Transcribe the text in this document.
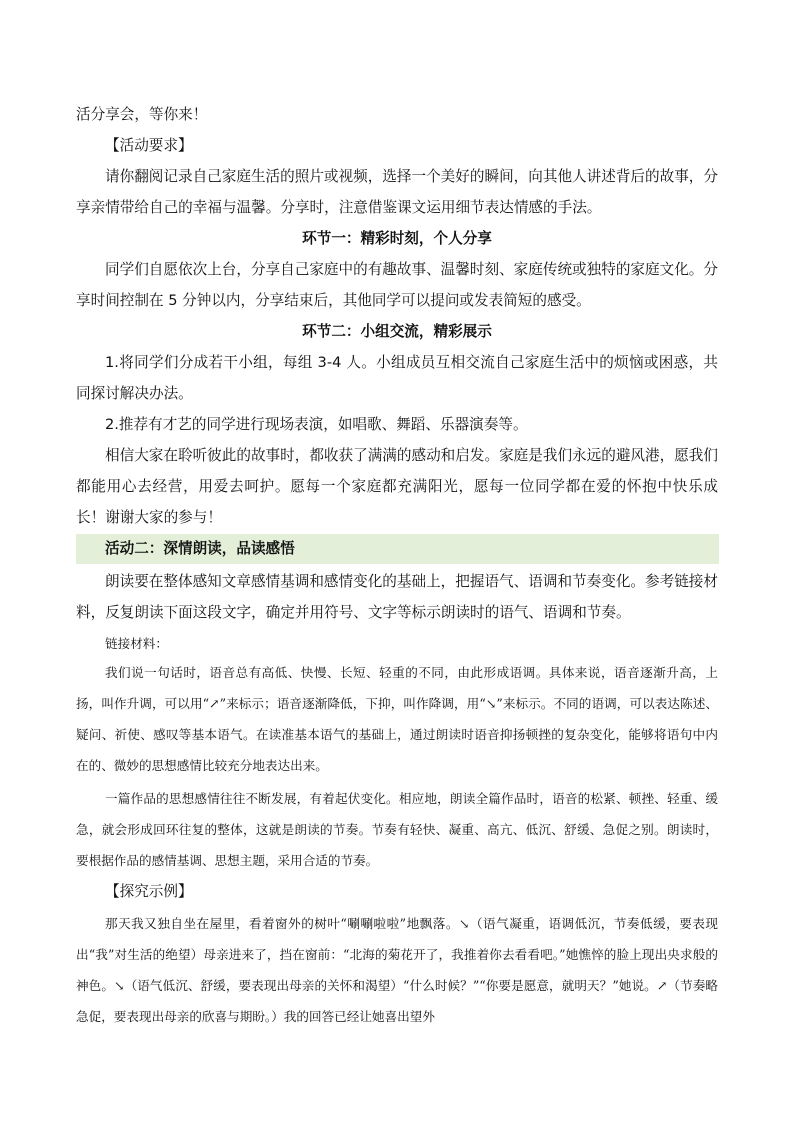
活分享会，等你来！

【活动要求】

请你翻阅记录自己家庭生活的照片或视频，选择一个美好的瞬间，向其他人讲述背后的故事，分享亲情带给自己的幸福与温馨。分享时，注意借鉴课文运用细节表达情感的手法。

环节一：精彩时刻，个人分享

同学们自愿依次上台，分享自己家庭中的有趣故事、温馨时刻、家庭传统或独特的家庭文化。分享时间控制在 5 分钟以内，分享结束后，其他同学可以提问或发表简短的感受。

环节二：小组交流，精彩展示

1.将同学们分成若干小组，每组 3-4 人。小组成员互相交流自己家庭生活中的烦恼或困惑，共同探讨解决办法。

2.推荐有才艺的同学进行现场表演，如唱歌、舞蹈、乐器演奏等。

相信大家在聆听彼此的故事时，都收获了满满的感动和启发。家庭是我们永远的避风港，愿我们都能用心去经营，用爱去呵护。愿每一个家庭都充满阳光，愿每一位同学都在爱的怀抱中快乐成长！谢谢大家的参与！

活动二：深情朗读，品读感悟

朗读要在整体感知文章感情基调和感情变化的基础上，把握语气、语调和节奏变化。参考链接材料，反复朗读下面这段文字，确定并用符号、文字等标示朗读时的语气、语调和节奏。

链接材料：

我们说一句话时，语音总有高低、快慢、长短、轻重的不同，由此形成语调。具体来说，语音逐渐升高，上扬，叫作升调，可以用“↗”来标示；语音逐渐降低，下抑，叫作降调，用“↘”来标示。不同的语调，可以表达陈述、疑问、祈使、感叹等基本语气。在读准基本语气的基础上，通过朗读时语音抑扬顿挫的复杂变化，能够将语句中内在的、微妙的思想感情比较充分地表达出来。

一篇作品的思想感情往往不断发展，有着起伏变化。相应地，朗读全篇作品时，语音的松紧、顿挫、轻重、缓急，就会形成回环往复的整体，这就是朗读的节奏。节奏有轻快、凝重、高亢、低沉、舒缓、急促之别。朗读时，要根据作品的感情基调、思想主题，采用合适的节奏。

【探究示例】

那天我又独自坐在屋里，看着窗外的树叶“唰唰啦啦”地飘落。↘（语气凝重，语调低沉，节奏低缓，要表现出“我”对生活的绝望）母亲进来了，挡在窗前：“北海的菊花开了，我推着你去看看吧。”她憔悴的脸上现出央求般的神色。↘（语气低沉、舒缓，要表现出母亲的关怀和渴望）“什么时候？”“你要是愿意，就明天？”她说。↗（节奏略急促，要表现出母亲的欣喜与期盼。）我的回答已经让她喜出望外
